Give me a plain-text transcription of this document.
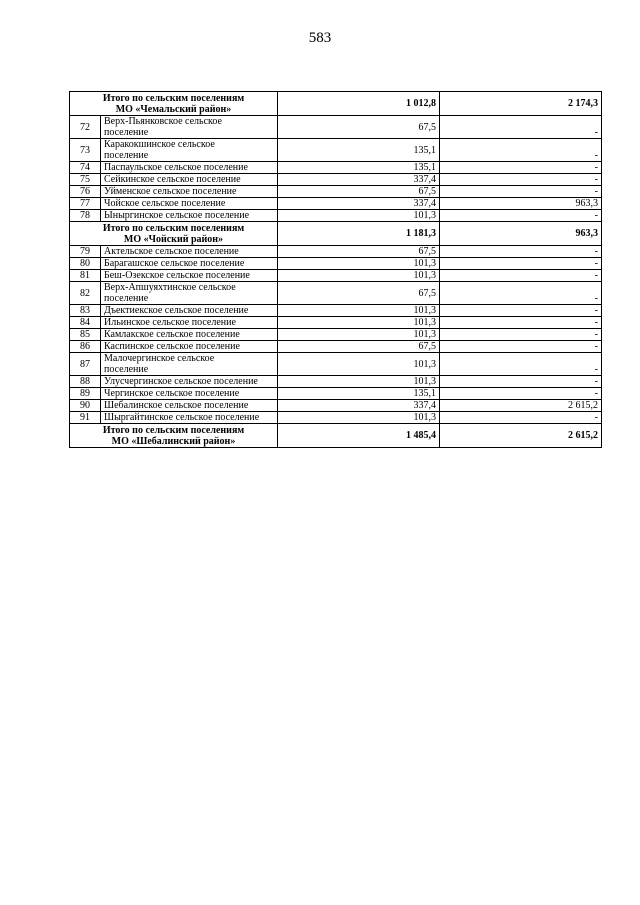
583
Итого по сельским поселениям
МО «Чемальский район»		1 012,8	2 174,3
72	Верх-Пьянковское сельское
поселение	67,5	-
73	Каракокшинское сельское
поселение	135,1	-
74	Паспаульское сельское поселение	135,1	-
75	Сейкинское сельское поселение	337,4	-
76	Уйменское сельское поселение	67,5	-
77	Чойское сельское поселение	337,4	963,3
78	Ыныргинское сельское поселение	101,3	-

Итого по сельским поселениям
МО «Чойский район»		1 181,3	963,3
79	Актельское сельское поселение	67,5	-
80	Барагашское сельское поселение	101,3	-
81	Беш-Озекское сельское поселение	101,3	-
82	Верх-Апшуяхтинское сельское
поселение	67,5	-
83	Дъектиекское сельское поселение	101,3	-
84	Ильинское сельское поселение	101,3	-
85	Камлакское сельское поселение	101,3	-
86	Каспинское сельское поселение	67,5	-
87	Малочергинское сельское
поселение	101,3	-
88	Улусчергинское сельское поселение	101,3	-
89	Чергинское сельское поселение	135,1	-
90	Шебалинское сельское поселение	337,4	2 615,2
91	Шыргайтинское сельское поселение	101,3	-

Итого по сельским поселениям
МО «Шебалинский район»		1 485,4	2 615,2
